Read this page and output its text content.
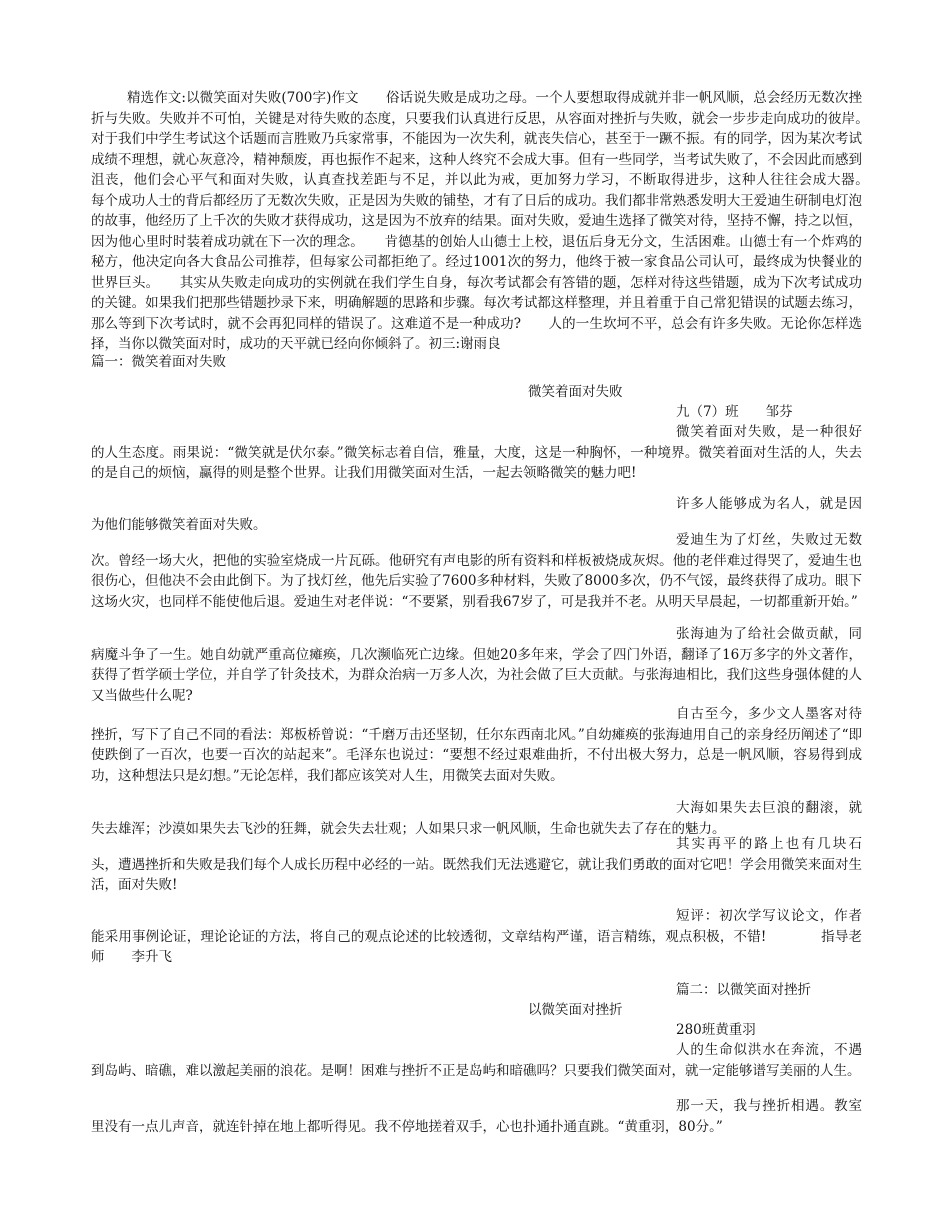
精选作文:以微笑面对失败(700字)作文　　俗话说失败是成功之母。一个人要想取得成就并非一帆风顺，总会经历无数次挫折与失败。失败并不可怕，关键是对待失败的态度，只要我们认真进行反思，从容面对挫折与失败，就会一步步走向成功的彼岸。　　对于我们中学生考试这个话题而言胜败乃兵家常事，不能因为一次失利，就丧失信心，甚至于一蹶不振。有的同学，因为某次考试成绩不理想，就心灰意冷，精神颓废，再也振作不起来，这种人终究不会成大事。但有一些同学，当考试失败了，不会因此而感到沮丧，他们会心平气和面对失败，认真查找差距与不足，并以此为戒，更加努力学习，不断取得进步，这种人往往会成大器。　　每个成功人士的背后都经历了无数次失败，正是因为失败的铺垫，才有了日后的成功。我们都非常熟悉发明大王爱迪生研制电灯泡的故事，他经历了上千次的失败才获得成功，这是因为不放弃的结果。面对失败，爱迪生选择了微笑对待，坚持不懈，持之以恒，因为他心里时时装着成功就在下一次的理念。　　肯德基的创始人山德士上校，退伍后身无分文，生活困难。山德士有一个炸鸡的秘方，他决定向各大食品公司推荐，但每家公司都拒绝了。经过1001次的努力，他终于被一家食品公司认可，最终成为快餐业的世界巨头。　　其实从失败走向成功的实例就在我们学生自身，每次考试都会有答错的题，怎样对待这些错题，成为下次考试成功的关键。如果我们把那些错题抄录下来，明确解题的思路和步骤。每次考试都这样整理，并且着重于自己常犯错误的试题去练习，那么等到下次考试时，就不会再犯同样的错误了。这难道不是一种成功?　　人的一生坎坷不平，总会有许多失败。无论你怎样选择，当你以微笑面对时，成功的天平就已经向你倾斜了。初三:谢雨良
篇一：微笑着面对失败
微笑着面对失败
九（7）班　　邹芬
微笑着面对失败，是一种很好的人生态度。雨果说：“微笑就是伏尔泰。”微笑标志着自信，雅量，大度，这是一种胸怀，一种境界。微笑着面对生活的人，失去的是自己的烦恼，赢得的则是整个世界。让我们用微笑面对生活，一起去领略微笑的魅力吧!
许多人能够成为名人，就是因为他们能够微笑着面对失败。
爱迪生为了灯丝，失败过无数次。曾经一场大火，把他的实验室烧成一片瓦砾。他研究有声电影的所有资料和样板被烧成灰烬。他的老伴难过得哭了，爱迪生也很伤心，但他决不会由此倒下。为了找灯丝，他先后实验了7600多种材料，失败了8000多次，仍不气馁，最终获得了成功。眼下这场火灾，也同样不能使他后退。爱迪生对老伴说：“不要紧，别看我67岁了，可是我并不老。从明天早晨起，一切都重新开始。”
张海迪为了给社会做贡献，同病魔斗争了一生。她自幼就严重高位瘫痪，几次濒临死亡边缘。但她20多年来，学会了四门外语，翻译了16万多字的外文著作，获得了哲学硕士学位，并自学了针灸技术，为群众治病一万多人次，为社会做了巨大贡献。与张海迪相比，我们这些身强体健的人又当做些什么呢?
自古至今，多少文人墨客对待挫折，写下了自己不同的看法：郑板桥曾说：“千磨万击还坚韧，任尔东西南北风。”自幼瘫痪的张海迪用自己的亲身经历阐述了“即使跌倒了一百次，也要一百次的站起来”。毛泽东也说过：“要想不经过艰难曲折，不付出极大努力，总是一帆风顺，容易得到成功，这种想法只是幻想。”无论怎样，我们都应该笑对人生，用微笑去面对失败。
大海如果失去巨浪的翻滚，就失去雄浑；沙漠如果失去飞沙的狂舞，就会失去壮观；人如果只求一帆风顺，生命也就失去了存在的魅力。
其实再平的路上也有几块石头，遭遇挫折和失败是我们每个人成长历程中必经的一站。既然我们无法逃避它，就让我们勇敢的面对它吧！学会用微笑来面对生活，面对失败!
短评：初次学写议论文，作者能采用事例论证，理论论证的方法，将自己的观点论述的比较透彻，文章结构严谨，语言精练，观点积极，不错!　　　　指导老师　　李升飞
篇二：以微笑面对挫折
以微笑面对挫折
280班黄重羽
人的生命似洪水在奔流，不遇到岛屿、暗礁，难以激起美丽的浪花。是啊！困难与挫折不正是岛屿和暗礁吗？只要我们微笑面对，就一定能够谱写美丽的人生。
那一天，我与挫折相遇。教室里没有一点儿声音，就连针掉在地上都听得见。我不停地搓着双手，心也扑通扑通直跳。“黄重羽，80分。”
